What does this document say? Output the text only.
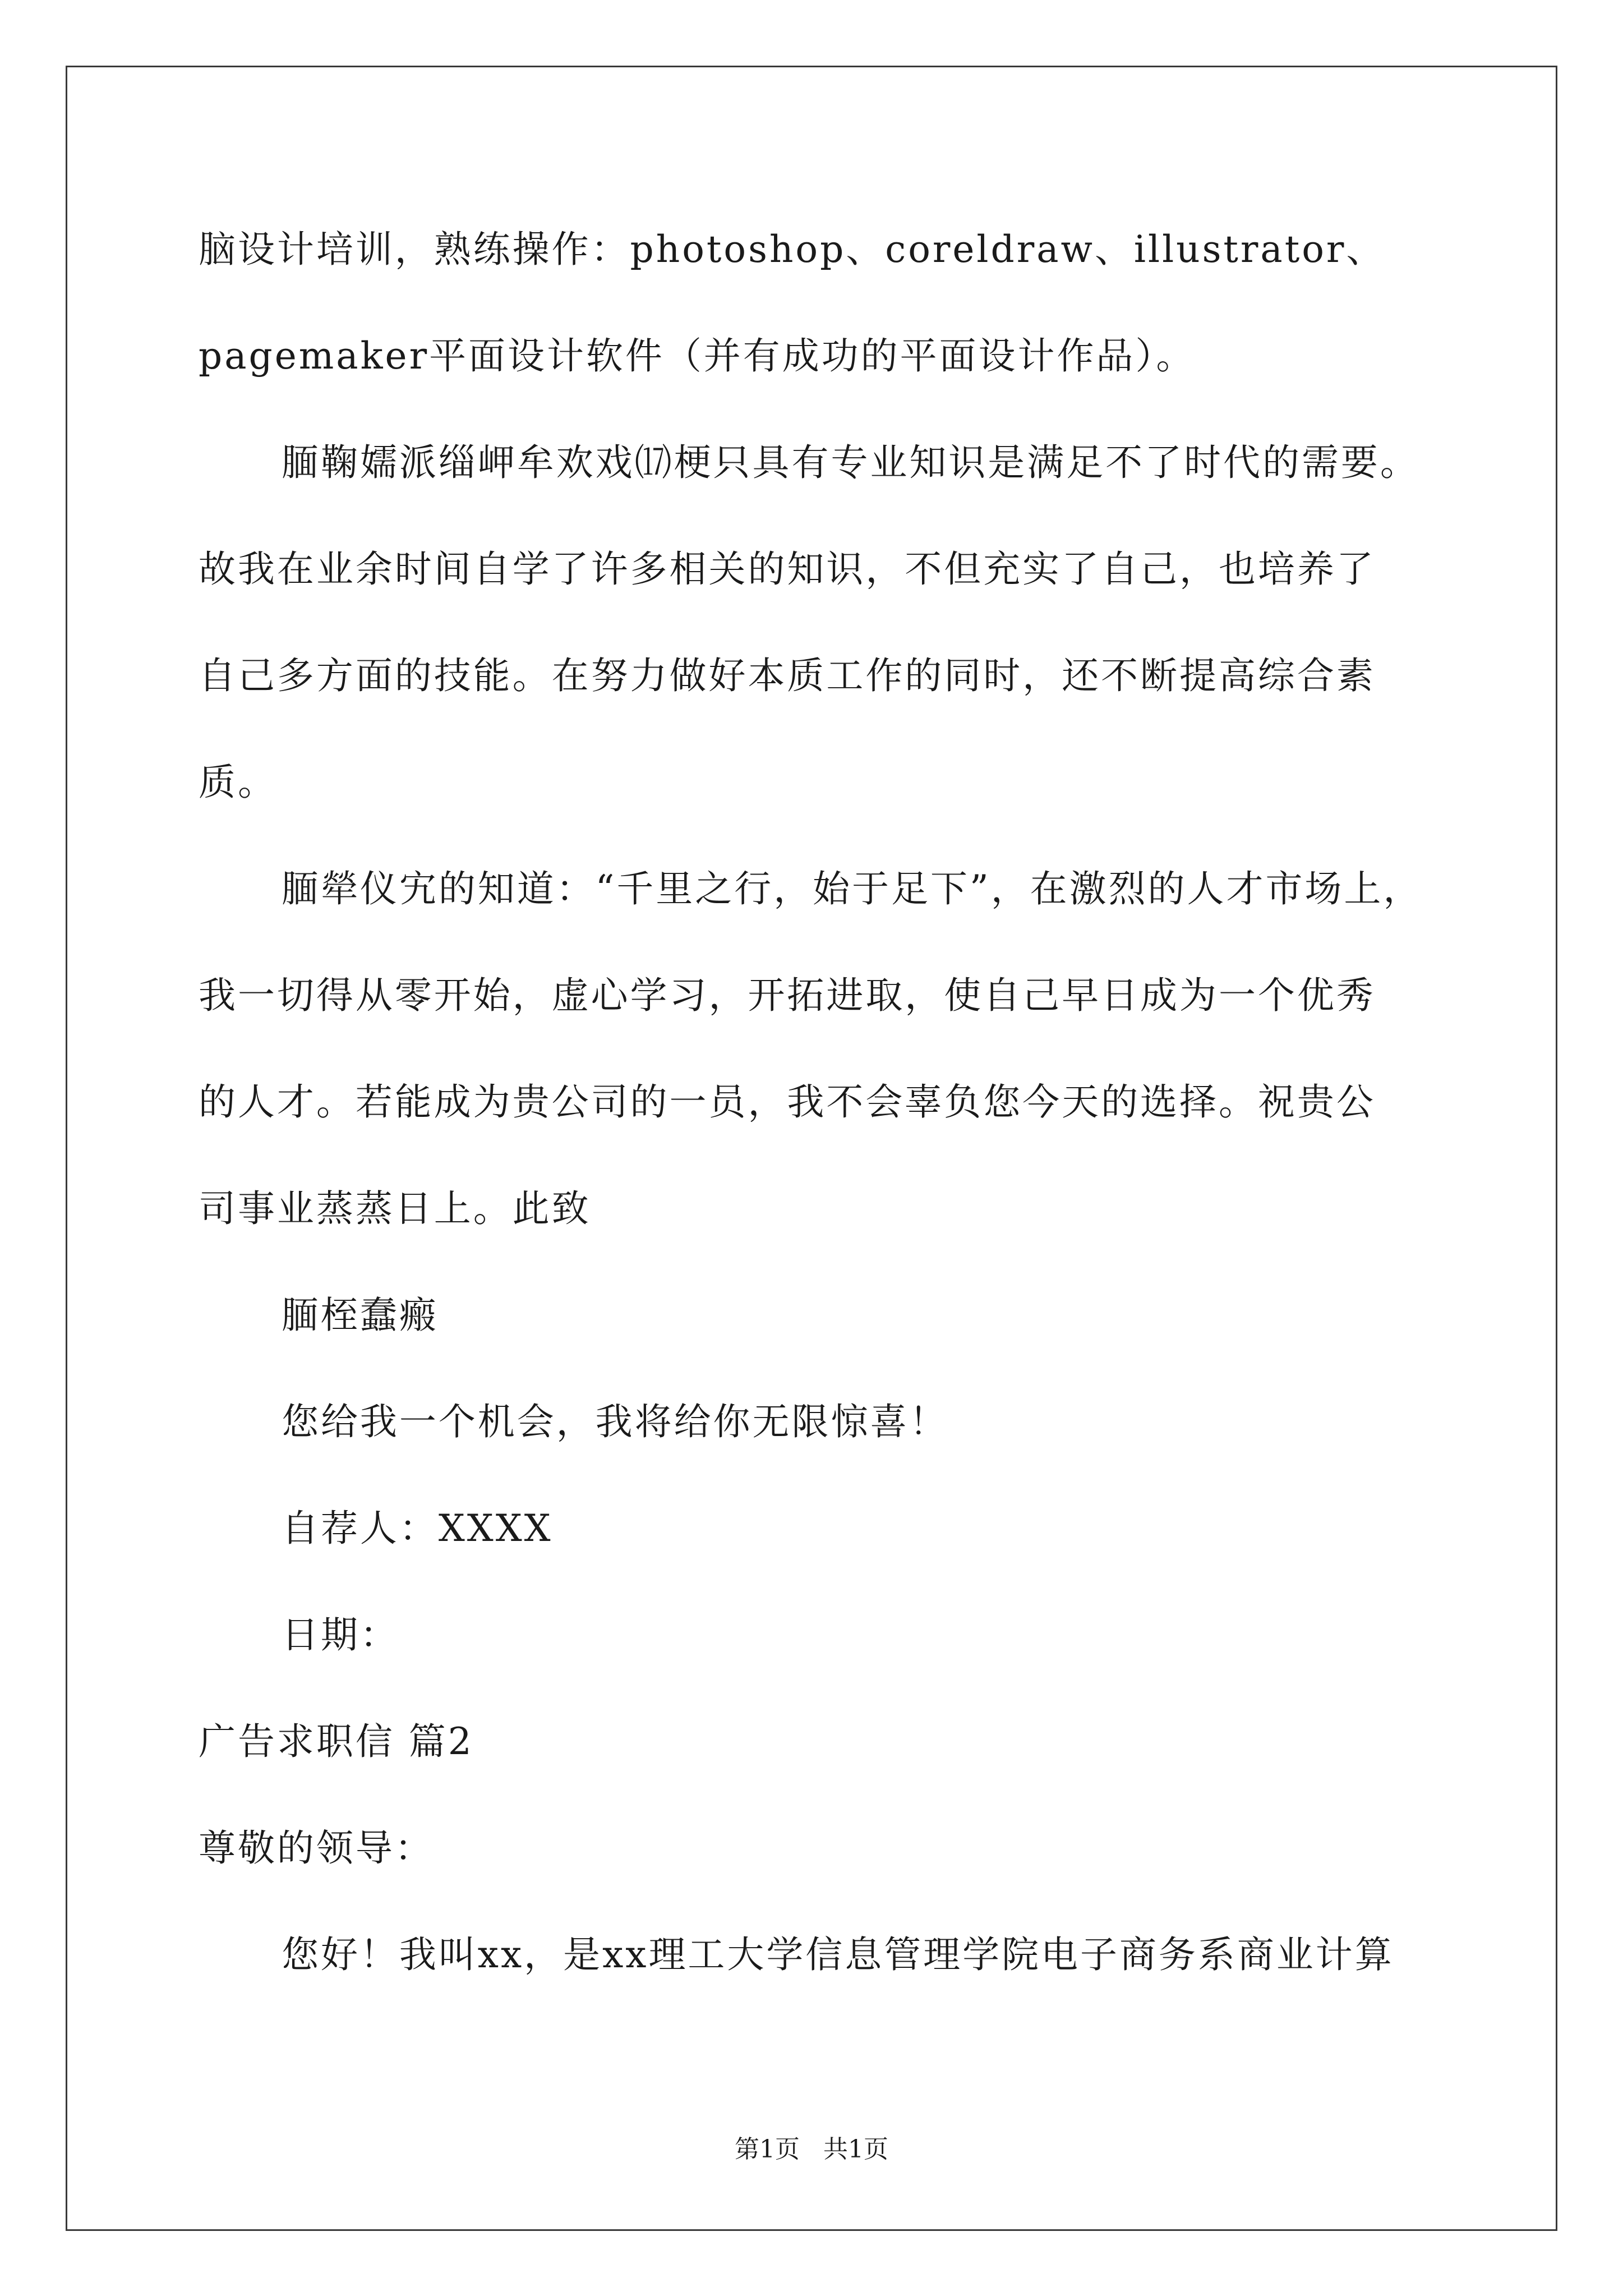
脑设计培训，熟练操作：photoshop、coreldraw、illustrator、
pagemaker平面设计软件（并有成功的平面设计作品）。
腼鞠嬬派缁岬牟欢戏⒄梗只具有专业知识是满足不了时代的需要。
故我在业余时间自学了许多相关的知识，不但充实了自己，也培养了
自己多方面的技能。在努力做好本质工作的同时，还不断提高综合素
质。
腼犖仪宄的知道：“千里之行，始于足下”，在激烈的人才市场上，
我一切得从零开始，虚心学习，开拓进取，使自己早日成为一个优秀
的人才。若能成为贵公司的一员，我不会辜负您今天的选择。祝贵公
司事业蒸蒸日上。此致
腼桎蠢瘢
您给我一个机会，我将给你无限惊喜！
自荐人：XXXX
日期：
广告求职信 篇2
尊敬的领导：
您好！我叫xx，是xx理工大学信息管理学院电子商务系商业计算
第1页   共1页
